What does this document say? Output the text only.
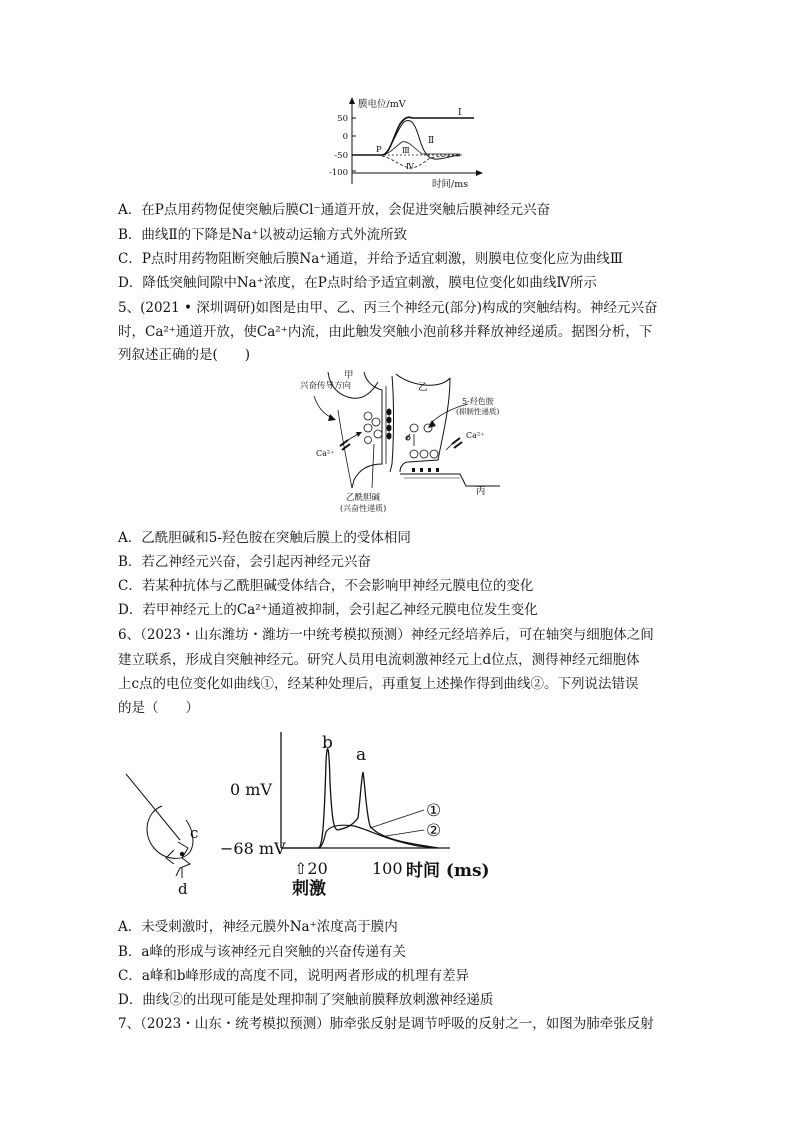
膜电位/mV
50
0
-50
-100
时间/ms
P
Ⅰ
Ⅱ
Ⅲ
Ⅳ
A．在P点用药物促使突触后膜Cl⁻通道开放，会促进突触后膜神经元兴奋
B．曲线Ⅱ的下降是Na⁺以被动运输方式外流所致
C．P点时用药物阻断突触后膜Na⁺通道，并给予适宜刺激，则膜电位变化应为曲线Ⅲ
D．降低突触间隙中Na⁺浓度，在P点时给予适宜刺激，膜电位变化如曲线Ⅳ所示
5、(2021 • 深圳调研)如图是由甲、乙、丙三个神经元(部分)构成的突触结构。神经元兴奋
时，Ca²⁺通道开放，使Ca²⁺内流，由此触发突触小泡前移并释放神经递质。据图分析，下
列叙述正确的是(　　)
甲
乙
丙
兴奋传导方向
5-羟色胺
(抑制性递质)
Ca²⁺
Ca²⁺
乙酰胆碱
(兴奋性递质)
A．乙酰胆碱和5-羟色胺在突触后膜上的受体相同
B．若乙神经元兴奋，会引起丙神经元兴奋
C．若某种抗体与乙酰胆碱受体结合，不会影响甲神经元膜电位的变化
D．若甲神经元上的Ca²⁺通道被抑制，会引起乙神经元膜电位发生变化
6、（2023・山东潍坊・潍坊一中统考模拟预测）神经元经培养后，可在轴突与细胞体之间
建立联系，形成自突触神经元。研究人员用电流刺激神经元上d位点，测得神经元细胞体
上c点的电位变化如曲线①，经某种处理后，再重复上述操作得到曲线②。下列说法错误
的是（　　）
c
d
0 mV
−68 mV
b
a
①
②
⇧20	100 时间 (ms)
刺激
A．未受刺激时，神经元膜外Na⁺浓度高于膜内
B．a峰的形成与该神经元自突触的兴奋传递有关
C．a峰和b峰形成的高度不同，说明两者形成的机理有差异
D．曲线②的出现可能是处理抑制了突触前膜释放刺激神经递质
7、（2023・山东・统考模拟预测）肺牵张反射是调节呼吸的反射之一，如图为肺牵张反射
